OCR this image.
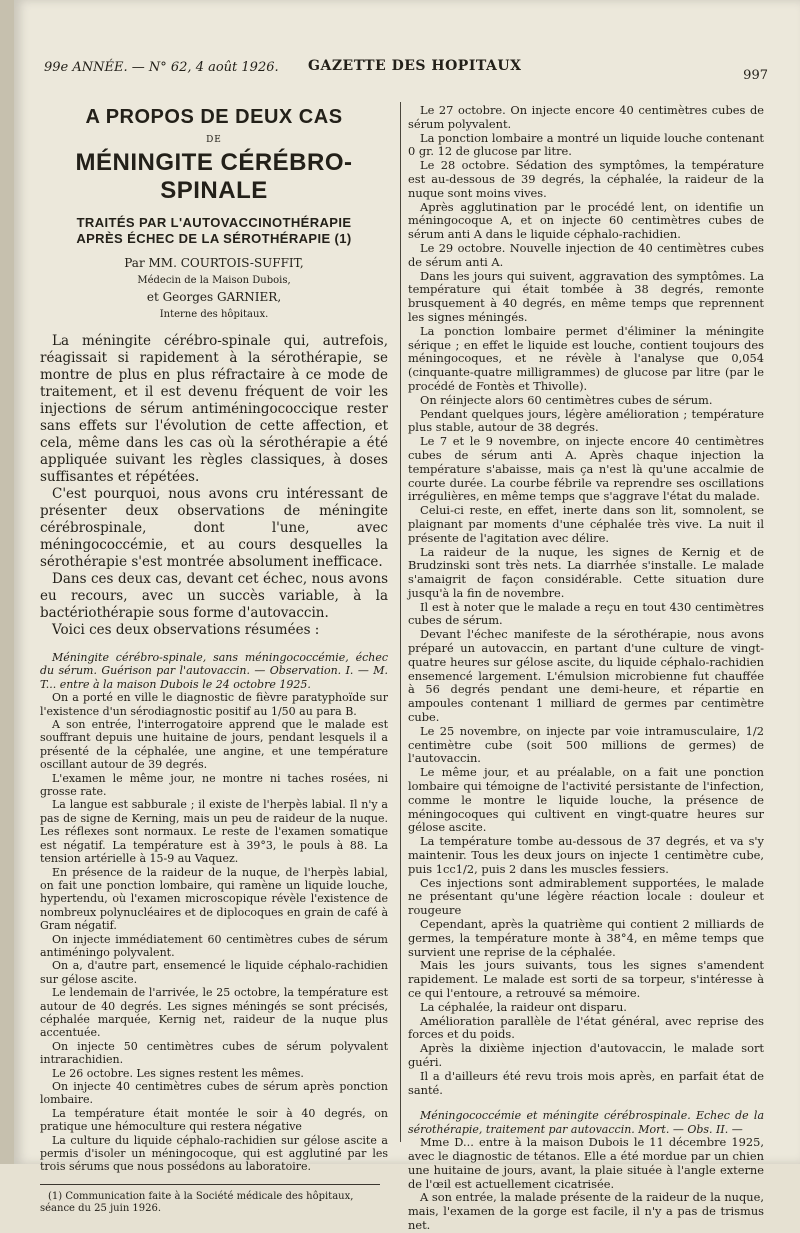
99e ANNÉE. — N° 62, 4 août 1926. GAZETTE DES HOPITAUX
997
A PROPOS DE DEUX CAS
DE
MÉNINGITE CÉRÉBRO-SPINALE
TRAITÉS PAR L'AUTOVACCINOTHÉRAPIE
APRÈS ÉCHEC DE LA SÉROTHÉRAPIE (1)
Par MM. COURTOIS-SUFFIT,
Médecin de la Maison Dubois,
et Georges GARNIER,
Interne des hôpitaux.

La méningite cérébro-spinale qui, autrefois, réagissait si rapidement à la sérothérapie, se montre de plus en plus réfractaire à ce mode de traitement, et il est devenu fréquent de voir les injections de sérum antiméningococcique rester sans effets sur l'évolution de cette affection, et cela, même dans les cas où la sérothérapie a été appliquée suivant les règles classiques, à doses suffisantes et répétées.

C'est pourquoi, nous avons cru intéressant de présenter deux observations de méningite cérébrospinale, dont l'une, avec méningococcémie, et au cours desquelles la sérothérapie s'est montrée absolument inefficace.

Dans ces deux cas, devant cet échec, nous avons eu recours, avec un succès variable, à la bactériothérapie sous forme d'autovaccin.

Voici ces deux observations résumées :

Méningite cérébro-spinale, sans méningococcémie, échec du sérum. Guérison par l'autovaccin. — Observation. I. — M. T... entre à la maison Dubois le 24 octobre 1925.

On a porté en ville le diagnostic de fièvre paratyphoïde sur l'existence d'un sérodiagnostic positif au 1/50 au para B.

A son entrée, l'interrogatoire apprend que le malade est souffrant depuis une huitaine de jours, pendant lesquels il a présenté de la céphalée, une angine, et une température oscillant autour de 39 degrés.

L'examen le même jour, ne montre ni taches rosées, ni grosse rate.

La langue est sabburale ; il existe de l'herpès labial. Il n'y a pas de signe de Kerning, mais un peu de raideur de la nuque. Les réflexes sont normaux. Le reste de l'examen somatique est négatif. La température est à 39°3, le pouls à 88. La tension artérielle à 15-9 au Vaquez.

En présence de la raideur de la nuque, de l'herpès labial, on fait une ponction lombaire, qui ramène un liquide louche, hypertendu, où l'examen microscopique révèle l'existence de nombreux polynucléaires et de diplocoques en grain de café à Gram négatif.

On injecte immédiatement 60 centimètres cubes de sérum antiméningo polyvalent.

On a, d'autre part, ensemencé le liquide céphalo-rachidien sur gélose ascite.

Le lendemain de l'arrivée, le 25 octobre, la température est autour de 40 degrés. Les signes méningés se sont précisés, céphalée marquée, Kernig net, raideur de la nuque plus accentuée.

On injecte 50 centimètres cubes de sérum polyvalent intrarachidien.

Le 26 octobre. Les signes restent les mêmes.

On injecte 40 centimètres cubes de sérum après ponction lombaire.

La température était montée le soir à 40 degrés, on pratique une hémoculture qui restera négative

La culture du liquide céphalo-rachidien sur gélose ascite a permis d'isoler un méningocoque, qui est agglutiné par les trois sérums que nous possédons au laboratoire.

(1) Communication faite à la Société médicale des hôpitaux, séance du 25 juin 1926.

Le 27 octobre. On injecte encore 40 centimètres cubes de sérum polyvalent.

La ponction lombaire a montré un liquide louche contenant 0 gr. 12 de glucose par litre.

Le 28 octobre. Sédation des symptômes, la température est au-dessous de 39 degrés, la céphalée, la raideur de la nuque sont moins vives.

Après agglutination par le procédé lent, on identifie un méningocoque A, et on injecte 60 centimètres cubes de sérum anti A dans le liquide céphalo-rachidien.

Le 29 octobre. Nouvelle injection de 40 centimètres cubes de sérum anti A.

Dans les jours qui suivent, aggravation des symptômes. La température qui était tombée à 38 degrés, remonte brusquement à 40 degrés, en même temps que reprennent les signes méningés.

La ponction lombaire permet d'éliminer la méningite sérique ; en effet le liquide est louche, contient toujours des méningocoques, et ne révèle à l'analyse que 0,054 (cinquante-quatre milligrammes) de glucose par litre (par le procédé de Fontès et Thivolle).

On réinjecte alors 60 centimètres cubes de sérum.

Pendant quelques jours, légère amélioration ; température plus stable, autour de 38 degrés.

Le 7 et le 9 novembre, on injecte encore 40 centimètres cubes de sérum anti A. Après chaque injection la température s'abaisse, mais ça n'est là qu'une accalmie de courte durée. La courbe fébrile va reprendre ses oscillations irrégulières, en même temps que s'aggrave l'état du malade.

Celui-ci reste, en effet, inerte dans son lit, somnolent, se plaignant par moments d'une céphalée très vive. La nuit il présente de l'agitation avec délire.

La raideur de la nuque, les signes de Kernig et de Brudzinski sont très nets. La diarrhée s'installe. Le malade s'amaigrit de façon considérable. Cette situation dure jusqu'à la fin de novembre.

Il est à noter que le malade a reçu en tout 430 centimètres cubes de sérum.

Devant l'échec manifeste de la sérothérapie, nous avons préparé un autovaccin, en partant d'une culture de vingt-quatre heures sur gélose ascite, du liquide céphalo-rachidien ensemencé largement. L'émulsion microbienne fut chauffée à 56 degrés pendant une demi-heure, et répartie en ampoules contenant 1 milliard de germes par centimètre cube.

Le 25 novembre, on injecte par voie intramusculaire, 1/2 centimètre cube (soit 500 millions de germes) de l'autovaccin.

Le même jour, et au préalable, on a fait une ponction lombaire qui témoigne de l'activité persistante de l'infection, comme le montre le liquide louche, la présence de méningocoques qui cultivent en vingt-quatre heures sur gélose ascite.

La température tombe au-dessous de 37 degrés, et va s'y maintenir. Tous les deux jours on injecte 1 centimètre cube, puis 1cc1/2, puis 2 dans les muscles fessiers.

Ces injections sont admirablement supportées, le malade ne présentant qu'une légère réaction locale : douleur et rougeure

Cependant, après la quatrième qui contient 2 milliards de germes, la température monte à 38°4, en même temps que survient une reprise de la céphalée.

Mais les jours suivants, tous les signes s'amendent rapidement. Le malade est sorti de sa torpeur, s'intéresse à ce qui l'entoure, a retrouvé sa mémoire.

La céphalée, la raideur ont disparu.

Amélioration parallèle de l'état général, avec reprise des forces et du poids.

Après la dixième injection d'autovaccin, le malade sort guéri.

Il a d'ailleurs été revu trois mois après, en parfait état de santé.

Méningococcémie et méningite cérébrospinale. Echec de la sérothérapie, traitement par autovaccin. Mort. — Obs. II. —

Mme D... entre à la maison Dubois le 11 décembre 1925, avec le diagnostic de tétanos. Elle a été mordue par un chien une huitaine de jours, avant, la plaie située à l'angle externe de l'œil est actuellement cicatrisée.

A son entrée, la malade présente de la raideur de la nuque, mais, l'examen de la gorge est facile, il n'y a pas de trismus net.
